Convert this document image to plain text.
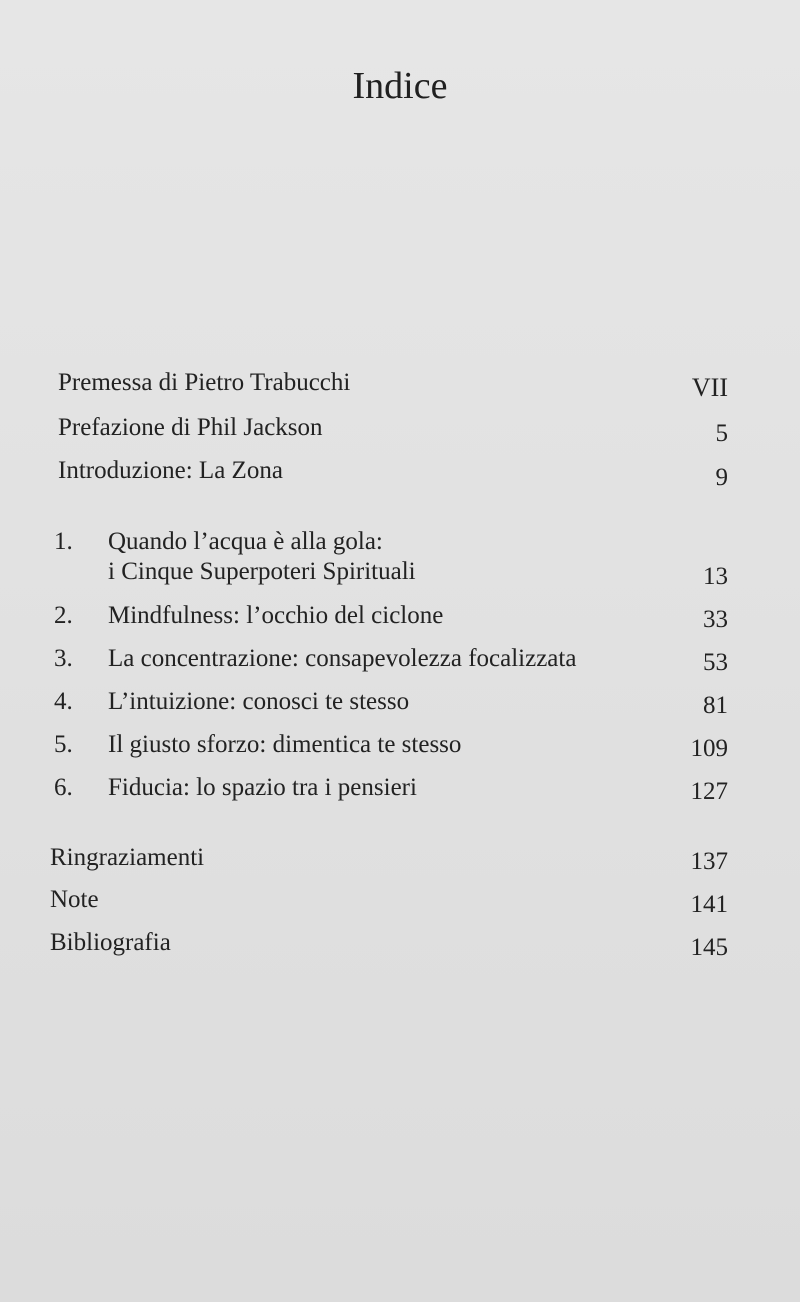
Indice
Premessa di Pietro Trabucchi	VII
Prefazione di Phil Jackson	5
Introduzione: La Zona	9
1. Quando l’acqua è alla gola:
i Cinque Superpoteri Spirituali	13
2. Mindfulness: l’occhio del ciclone	33
3. La concentrazione: consapevolezza focalizzata	53
4. L’intuizione: conosci te stesso	81
5. Il giusto sforzo: dimentica te stesso	109
6. Fiducia: lo spazio tra i pensieri	127
Ringraziamenti	137
Note	141
Bibliografia	145
